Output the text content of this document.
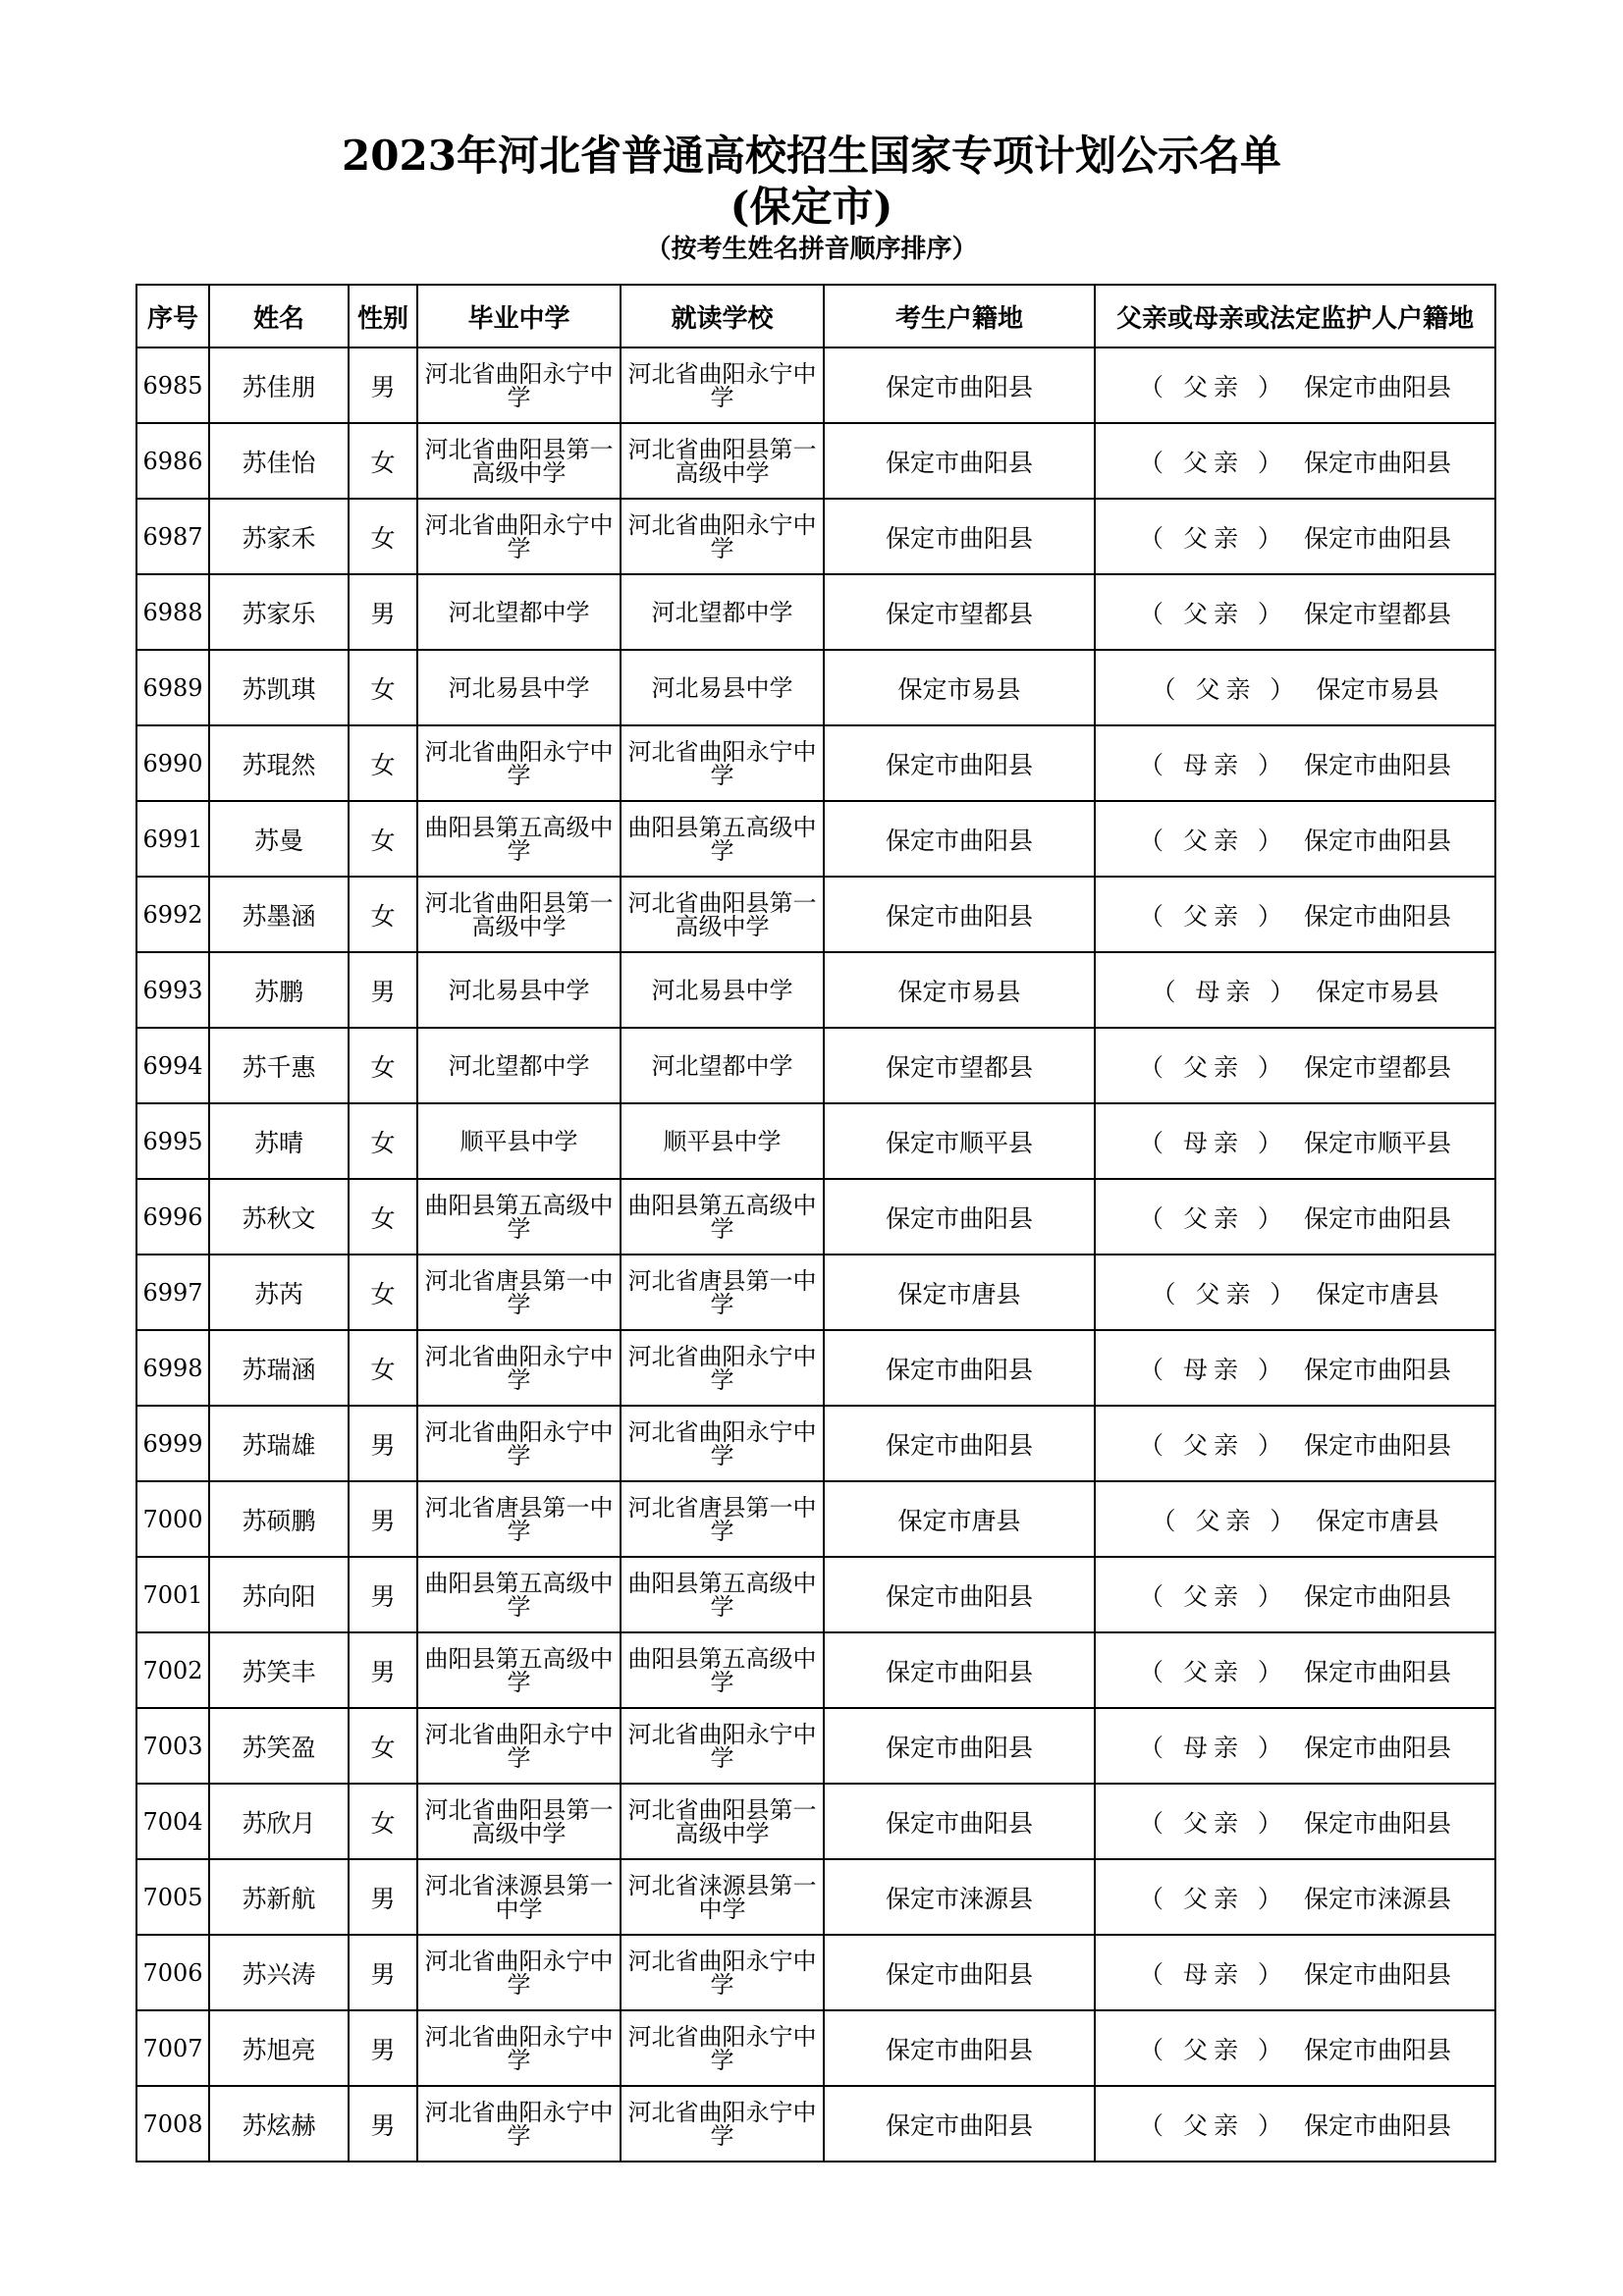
2023年河北省普通高校招生国家专项计划公示名单
(保定市)
（按考生姓名拼音顺序排序）
序号	姓名	性别	毕业中学	就读学校	考生户籍地	父亲或母亲或法定监护人户籍地
6985	苏佳朋	男	河北省曲阳永宁中学	河北省曲阳永宁中学	保定市曲阳县	（ 父亲 ） 保定市曲阳县
6986	苏佳怡	女	河北省曲阳县第一高级中学	河北省曲阳县第一高级中学	保定市曲阳县	（ 父亲 ） 保定市曲阳县
6987	苏家禾	女	河北省曲阳永宁中学	河北省曲阳永宁中学	保定市曲阳县	（ 父亲 ） 保定市曲阳县
6988	苏家乐	男	河北望都中学	河北望都中学	保定市望都县	（ 父亲 ） 保定市望都县
6989	苏凯琪	女	河北易县中学	河北易县中学	保定市易县	（ 父亲 ） 保定市易县
6990	苏琨然	女	河北省曲阳永宁中学	河北省曲阳永宁中学	保定市曲阳县	（ 母亲 ） 保定市曲阳县
6991	苏曼	女	曲阳县第五高级中学	曲阳县第五高级中学	保定市曲阳县	（ 父亲 ） 保定市曲阳县
6992	苏墨涵	女	河北省曲阳县第一高级中学	河北省曲阳县第一高级中学	保定市曲阳县	（ 父亲 ） 保定市曲阳县
6993	苏鹏	男	河北易县中学	河北易县中学	保定市易县	（ 母亲 ） 保定市易县
6994	苏千惠	女	河北望都中学	河北望都中学	保定市望都县	（ 父亲 ） 保定市望都县
6995	苏晴	女	顺平县中学	顺平县中学	保定市顺平县	（ 母亲 ） 保定市顺平县
6996	苏秋文	女	曲阳县第五高级中学	曲阳县第五高级中学	保定市曲阳县	（ 父亲 ） 保定市曲阳县
6997	苏芮	女	河北省唐县第一中学	河北省唐县第一中学	保定市唐县	（ 父亲 ） 保定市唐县
6998	苏瑞涵	女	河北省曲阳永宁中学	河北省曲阳永宁中学	保定市曲阳县	（ 母亲 ） 保定市曲阳县
6999	苏瑞雄	男	河北省曲阳永宁中学	河北省曲阳永宁中学	保定市曲阳县	（ 父亲 ） 保定市曲阳县
7000	苏硕鹏	男	河北省唐县第一中学	河北省唐县第一中学	保定市唐县	（ 父亲 ） 保定市唐县
7001	苏向阳	男	曲阳县第五高级中学	曲阳县第五高级中学	保定市曲阳县	（ 父亲 ） 保定市曲阳县
7002	苏笑丰	男	曲阳县第五高级中学	曲阳县第五高级中学	保定市曲阳县	（ 父亲 ） 保定市曲阳县
7003	苏笑盈	女	河北省曲阳永宁中学	河北省曲阳永宁中学	保定市曲阳县	（ 母亲 ） 保定市曲阳县
7004	苏欣月	女	河北省曲阳县第一高级中学	河北省曲阳县第一高级中学	保定市曲阳县	（ 父亲 ） 保定市曲阳县
7005	苏新航	男	河北省涞源县第一中学	河北省涞源县第一中学	保定市涞源县	（ 父亲 ） 保定市涞源县
7006	苏兴涛	男	河北省曲阳永宁中学	河北省曲阳永宁中学	保定市曲阳县	（ 母亲 ） 保定市曲阳县
7007	苏旭亮	男	河北省曲阳永宁中学	河北省曲阳永宁中学	保定市曲阳县	（ 父亲 ） 保定市曲阳县
7008	苏炫赫	男	河北省曲阳永宁中学	河北省曲阳永宁中学	保定市曲阳县	（ 父亲 ） 保定市曲阳县
